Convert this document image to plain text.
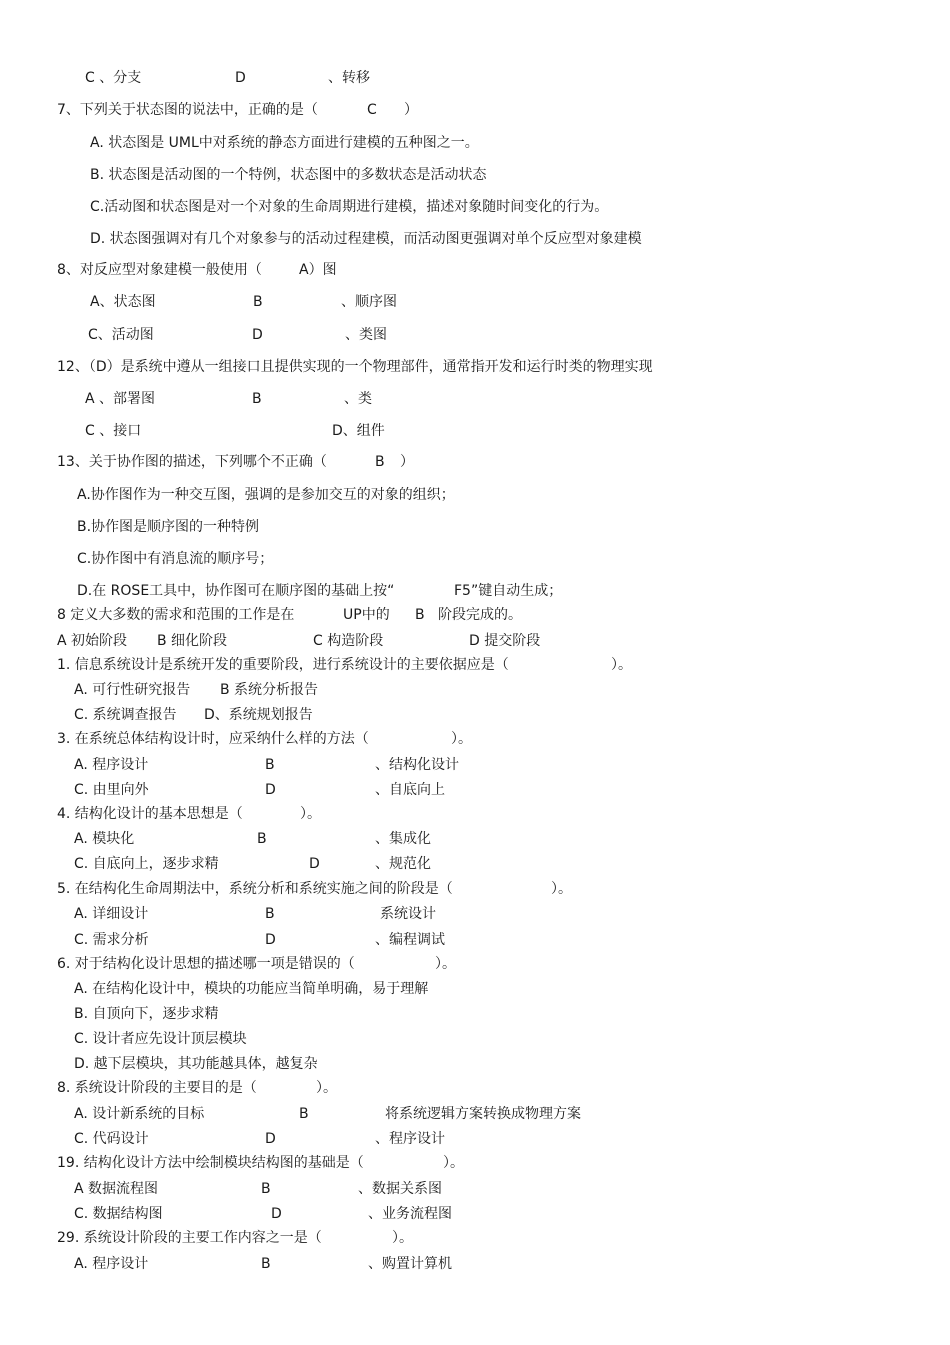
C 、分支	D	、转移
7、下列关于状态图的说法中，正确的是（	C ）
A. 状态图是 UML中对系统的静态方面进行建模的五种图之一。
B. 状态图是活动图的一个特例，状态图中的多数状态是活动状态
C.活动图和状态图是对一个对象的生命周期进行建模，描述对象随时间变化的行为。
D. 状态图强调对有几个对象参与的活动过程建模，而活动图更强调对单个反应型对象建模
8、对反应型对象建模一般使用（	A）图
A、状态图	B	、顺序图
C、活动图	D	、类图
12、（D）是系统中遵从一组接口且提供实现的一个物理部件，通常指开发和运行时类的物理实现
A 、部署图	B	、类
C 、接口	D、组件
13、关于协作图的描述，下列哪个不正确（	B ）
A.协作图作为一种交互图，强调的是参加交互的对象的组织；
B.协作图是顺序图的一种特例
C.协作图中有消息流的顺序号；
D.在 ROSE工具中，协作图可在顺序图的基础上按“	F5”键自动生成；
8 定义大多数的需求和范围的工作是在	UP中的 B 阶段完成的。
A 初始阶段 B 细化阶段	C 构造阶段	D 提交阶段
1. 信息系统设计是系统开发的重要阶段，进行系统设计的主要依据应是（	）。
A. 可行性研究报告 B 系统分析报告
C. 系统调查报告 D、系统规划报告
3. 在系统总体结构设计时，应采纳什么样的方法（	）。
A. 程序设计	B	、结构化设计
C. 由里向外	D	、自底向上
4. 结构化设计的基本思想是（	）。
A. 模块化	B	、集成化
C. 自底向上，逐步求精	D	、规范化
5. 在结构化生命周期法中，系统分析和系统实施之间的阶段是（	）。
A. 详细设计	B	系统设计
C. 需求分析	D	、编程调试
6. 对于结构化设计思想的描述哪一项是错误的（	）。
A. 在结构化设计中，模块的功能应当简单明确，易于理解
B. 自顶向下，逐步求精
C. 设计者应先设计顶层模块
D. 越下层模块，其功能越具体，越复杂
8. 系统设计阶段的主要目的是（	）。
A. 设计新系统的目标	B	将系统逻辑方案转换成物理方案
C. 代码设计	D	、程序设计
19. 结构化设计方法中绘制模块结构图的基础是（	）。
A 数据流程图	B	、数据关系图
C. 数据结构图	D	、业务流程图
29. 系统设计阶段的主要工作内容之一是（	）。
A. 程序设计	B	、购置计算机
